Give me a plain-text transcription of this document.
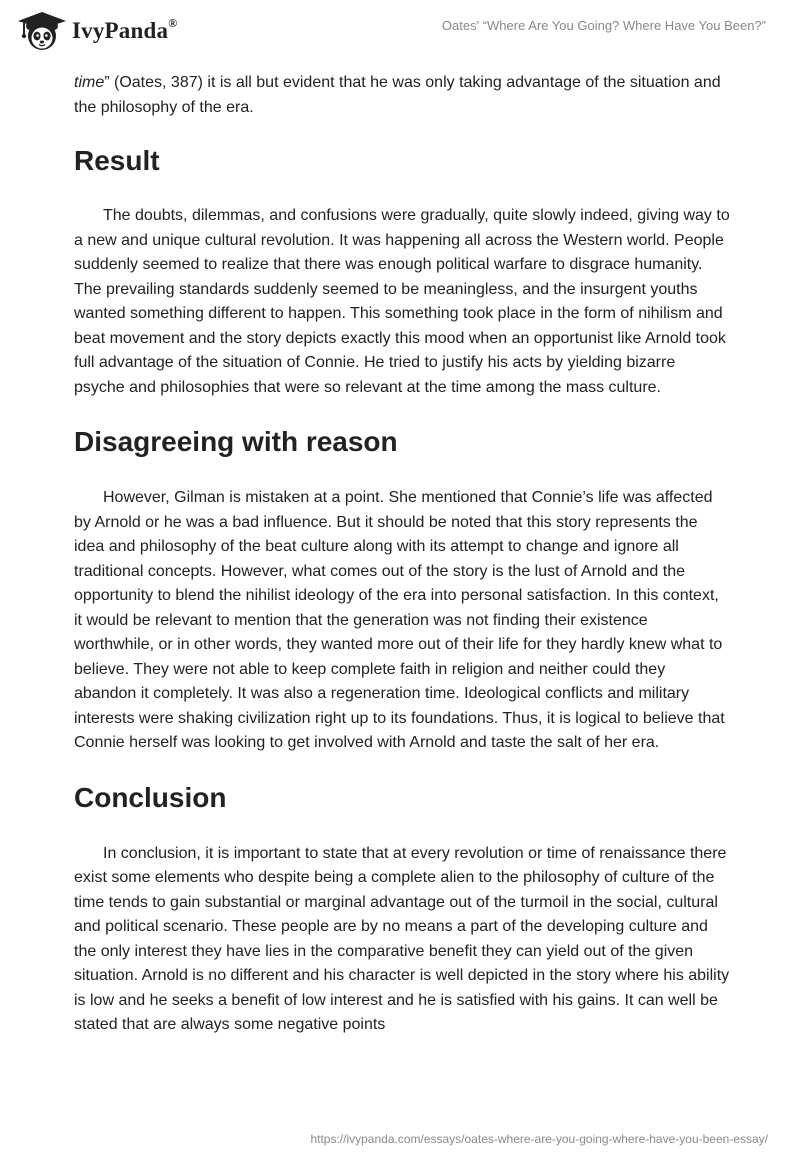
IvyPanda®	Oates' “Where Are You Going? Where Have You Been?”

time” (Oates, 387) it is all but evident that he was only taking advantage of the situation and the philosophy of the era.

Result

The doubts, dilemmas, and confusions were gradually, quite slowly indeed, giving way to a new and unique cultural revolution. It was happening all across the Western world. People suddenly seemed to realize that there was enough political warfare to disgrace humanity. The prevailing standards suddenly seemed to be meaningless, and the insurgent youths wanted something different to happen. This something took place in the form of nihilism and beat movement and the story depicts exactly this mood when an opportunist like Arnold took full advantage of the situation of Connie. He tried to justify his acts by yielding bizarre psyche and philosophies that were so relevant at the time among the mass culture.

Disagreeing with reason

However, Gilman is mistaken at a point. She mentioned that Connie’s life was affected by Arnold or he was a bad influence. But it should be noted that this story represents the idea and philosophy of the beat culture along with its attempt to change and ignore all traditional concepts. However, what comes out of the story is the lust of Arnold and the opportunity to blend the nihilist ideology of the era into personal satisfaction. In this context, it would be relevant to mention that the generation was not finding their existence worthwhile, or in other words, they wanted more out of their life for they hardly knew what to believe. They were not able to keep complete faith in religion and neither could they abandon it completely. It was also a regeneration time. Ideological conflicts and military interests were shaking civilization right up to its foundations. Thus, it is logical to believe that Connie herself was looking to get involved with Arnold and taste the salt of her era.

Conclusion

In conclusion, it is important to state that at every revolution or time of renaissance there exist some elements who despite being a complete alien to the philosophy of culture of the time tends to gain substantial or marginal advantage out of the turmoil in the social, cultural and political scenario. These people are by no means a part of the developing culture and the only interest they have lies in the comparative benefit they can yield out of the given situation. Arnold is no different and his character is well depicted in the story where his ability is low and he seeks a benefit of low interest and he is satisfied with his gains. It can well be stated that are always some negative points

https://ivypanda.com/essays/oates-where-are-you-going-where-have-you-been-essay/
